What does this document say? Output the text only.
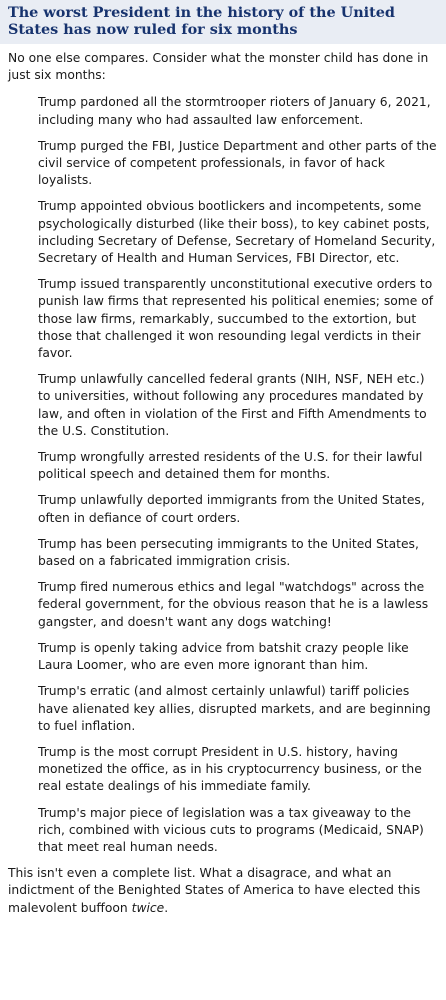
The worst President in the history of the United States has now ruled for six months

No one else compares. Consider what the monster child has done in just six months:

Trump pardoned all the stormtrooper rioters of January 6, 2021, including many who had assaulted law enforcement.

Trump purged the FBI, Justice Department and other parts of the civil service of competent professionals, in favor of hack loyalists.

Trump appointed obvious bootlickers and incompetents, some psychologically disturbed (like their boss), to key cabinet posts, including Secretary of Defense, Secretary of Homeland Security, Secretary of Health and Human Services, FBI Director, etc.

Trump issued transparently unconstitutional executive orders to punish law firms that represented his political enemies; some of those law firms, remarkably, succumbed to the extortion, but those that challenged it won resounding legal verdicts in their favor.

Trump unlawfully cancelled federal grants (NIH, NSF, NEH etc.) to universities, without following any procedures mandated by law, and often in violation of the First and Fifth Amendments to the U.S. Constitution.

Trump wrongfully arrested residents of the U.S. for their lawful political speech and detained them for months.

Trump unlawfully deported immigrants from the United States, often in defiance of court orders.

Trump has been persecuting immigrants to the United States, based on a fabricated immigration crisis.

Trump fired numerous ethics and legal "watchdogs" across the federal government, for the obvious reason that he is a lawless gangster, and doesn't want any dogs watching!

Trump is openly taking advice from batshit crazy people like Laura Loomer, who are even more ignorant than him.

Trump's erratic (and almost certainly unlawful) tariff policies have alienated key allies, disrupted markets, and are beginning to fuel inflation.

Trump is the most corrupt President in U.S. history, having monetized the office, as in his cryptocurrency business, or the real estate dealings of his immediate family.

Trump's major piece of legislation was a tax giveaway to the rich, combined with vicious cuts to programs (Medicaid, SNAP) that meet real human needs.

This isn't even a complete list. What a disagrace, and what an indictment of the Benighted States of America to have elected this malevolent buffoon twice.
